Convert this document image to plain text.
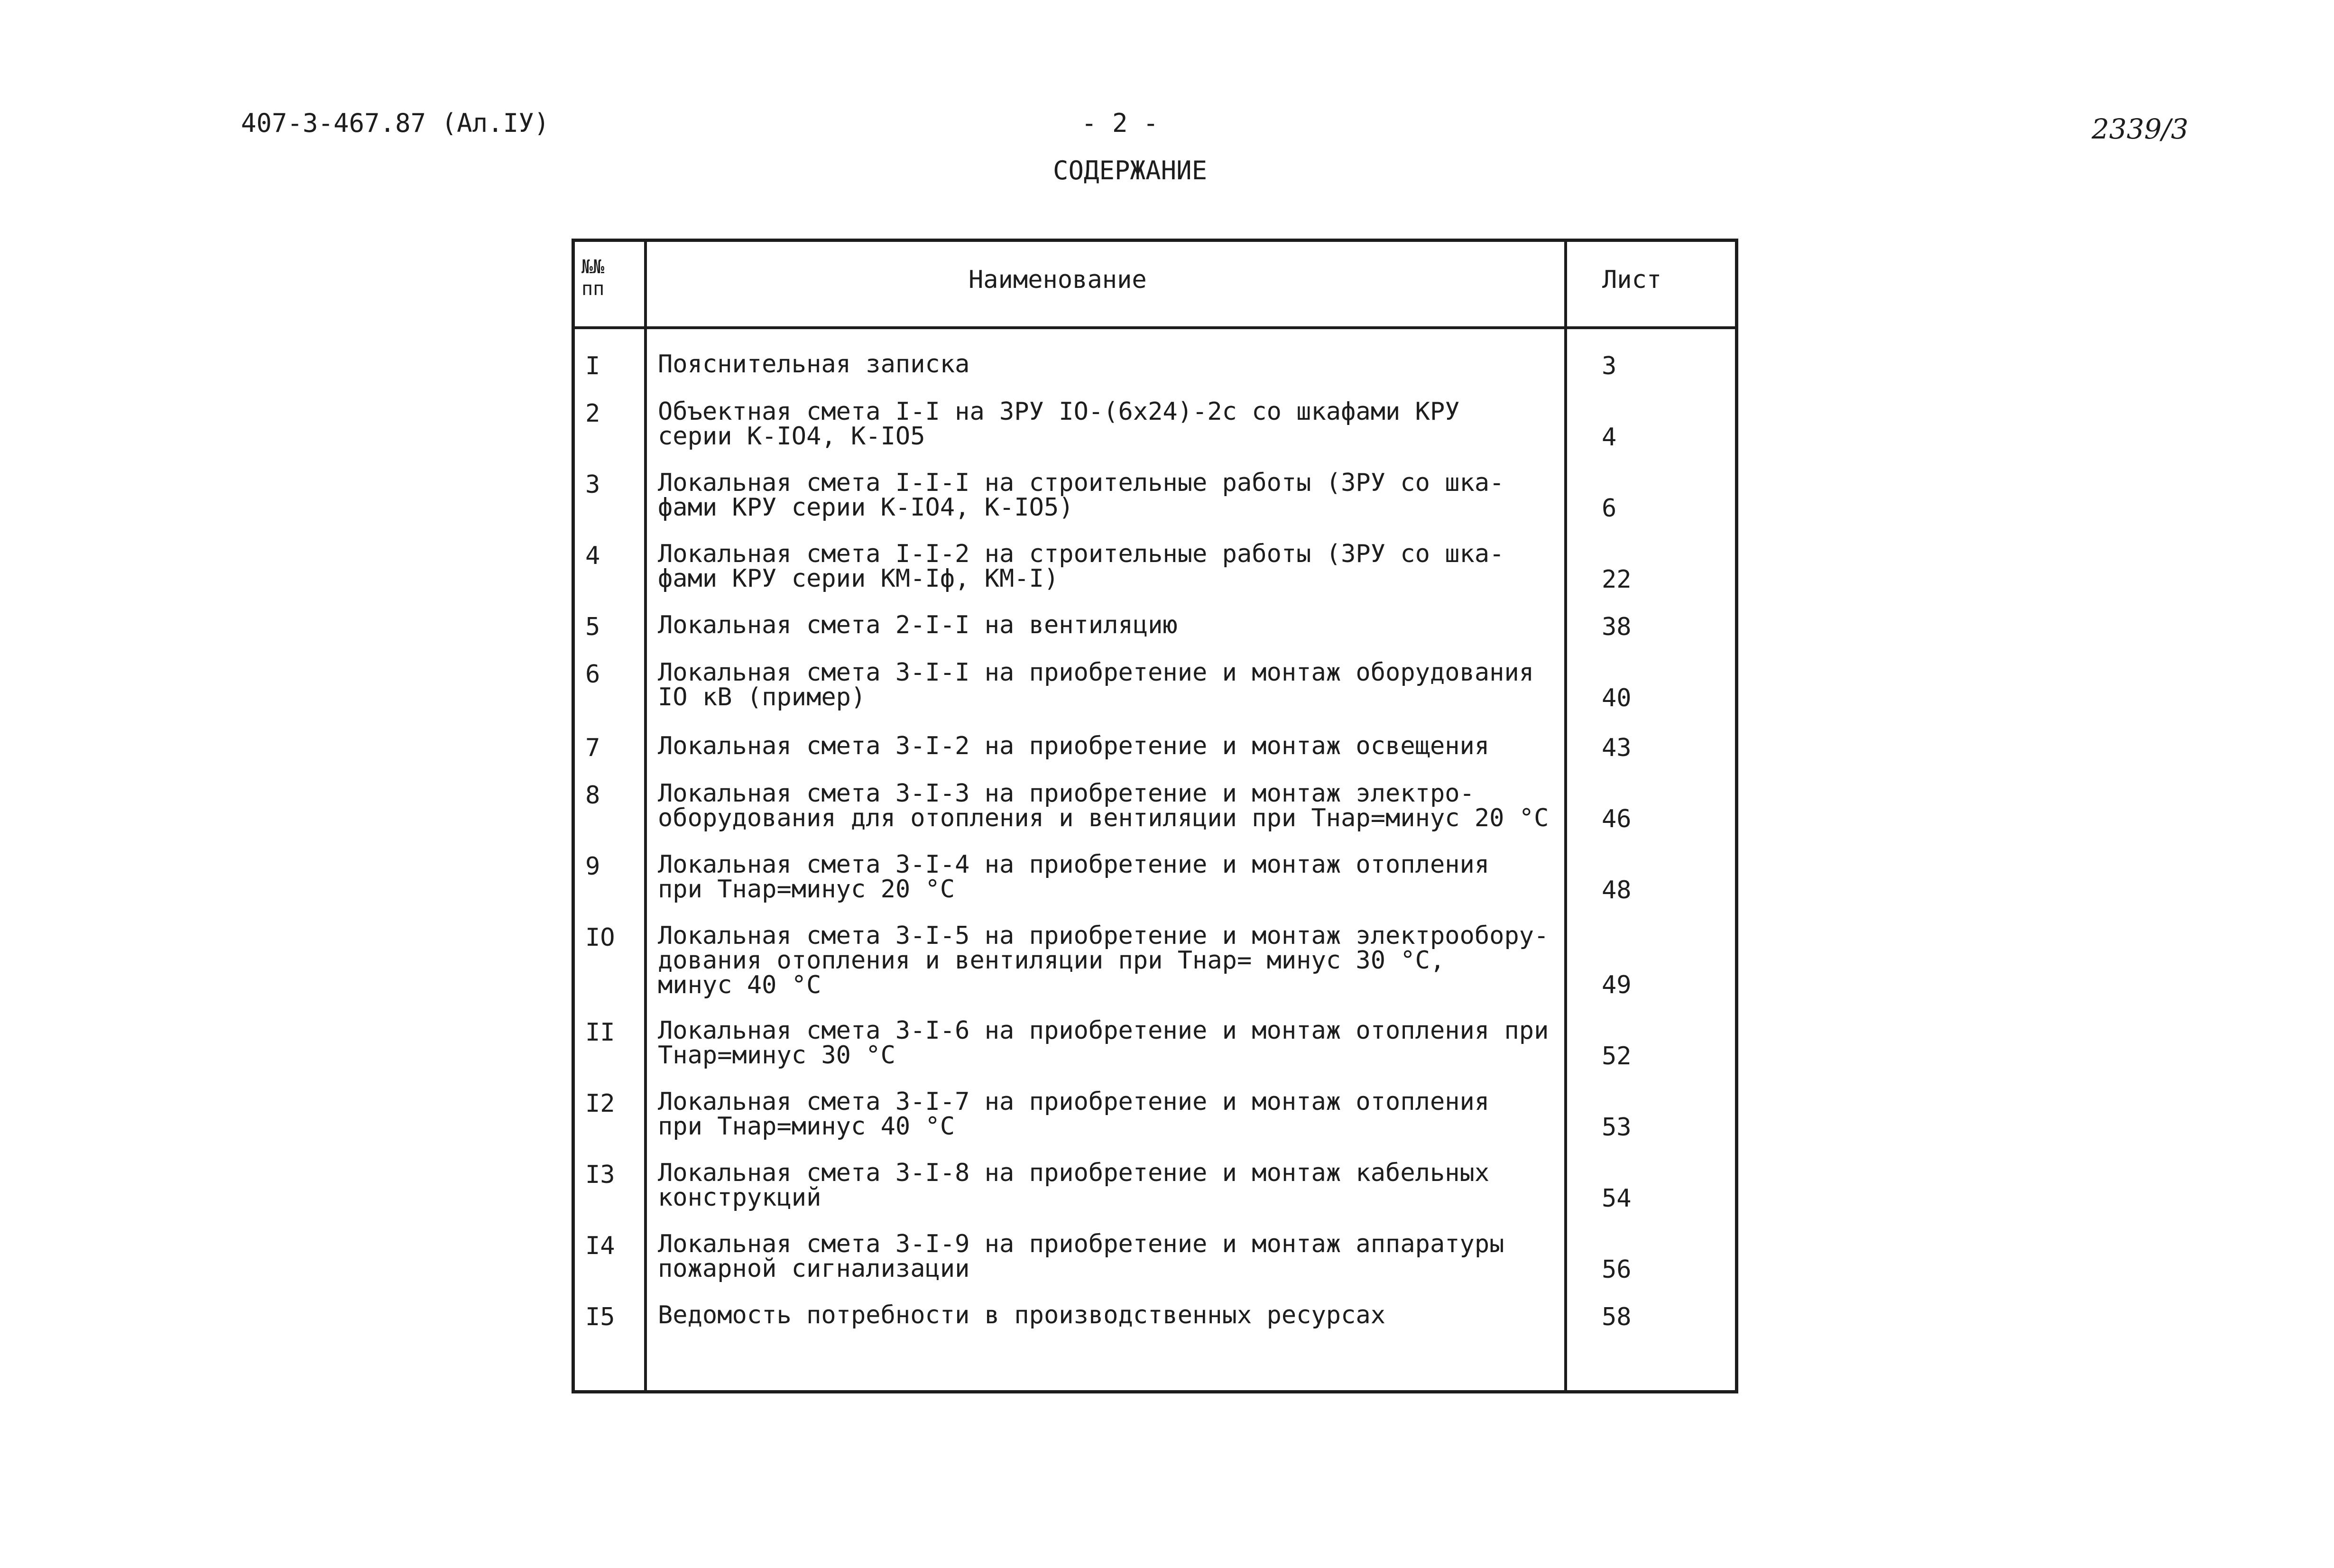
407-3-467.87 (Ал.IУ)	- 2 -	2339/3
СОДЕРЖАНИЕ
№№ пп	Наименование	Лист
I Пояснительная записка	3
2 Объектная смета I-I на ЗРУ IO-(6x24)-2с со шкафами КРУ
серии К-IO4, К-IO5	4
3 Локальная смета I-I-I на строительные работы (ЗРУ со шка-
фами КРУ серии К-IO4, К-IO5)	6
4 Локальная смета I-I-2 на строительные работы (ЗРУ со шка-
фами КРУ серии КМ-Iф, КМ-I)	22
5 Локальная смета 2-I-I на вентиляцию	38
6 Локальная смета 3-I-I на приобретение и монтаж оборудования
IO кВ (пример)	40
7 Локальная смета 3-I-2 на приобретение и монтаж освещения	43
8 Локальная смета 3-I-3 на приобретение и монтаж электро-
оборудования для отопления и вентиляции при Тнар=минус 20 °С 46
9 Локальная смета 3-I-4 на приобретение и монтаж отопления
при Тнар=минус 20 °С	48
IO Локальная смета 3-I-5 на приобретение и монтаж электрообору-
дования отопления и вентиляции при Тнар= минус 30 °С,
минус 40 °С	49
II Локальная смета 3-I-6 на приобретение и монтаж отопления при
Тнар=минус 30 °С	52
I2 Локальная смета 3-I-7 на приобретение и монтаж отопления
при Тнар=минус 40 °С	53
I3 Локальная смета 3-I-8 на приобретение и монтаж кабельных
конструкций	54
I4 Локальная смета 3-I-9 на приобретение и монтаж аппаратуры
пожарной сигнализации	56
I5 Ведомость потребности в производственных ресурсах	58
